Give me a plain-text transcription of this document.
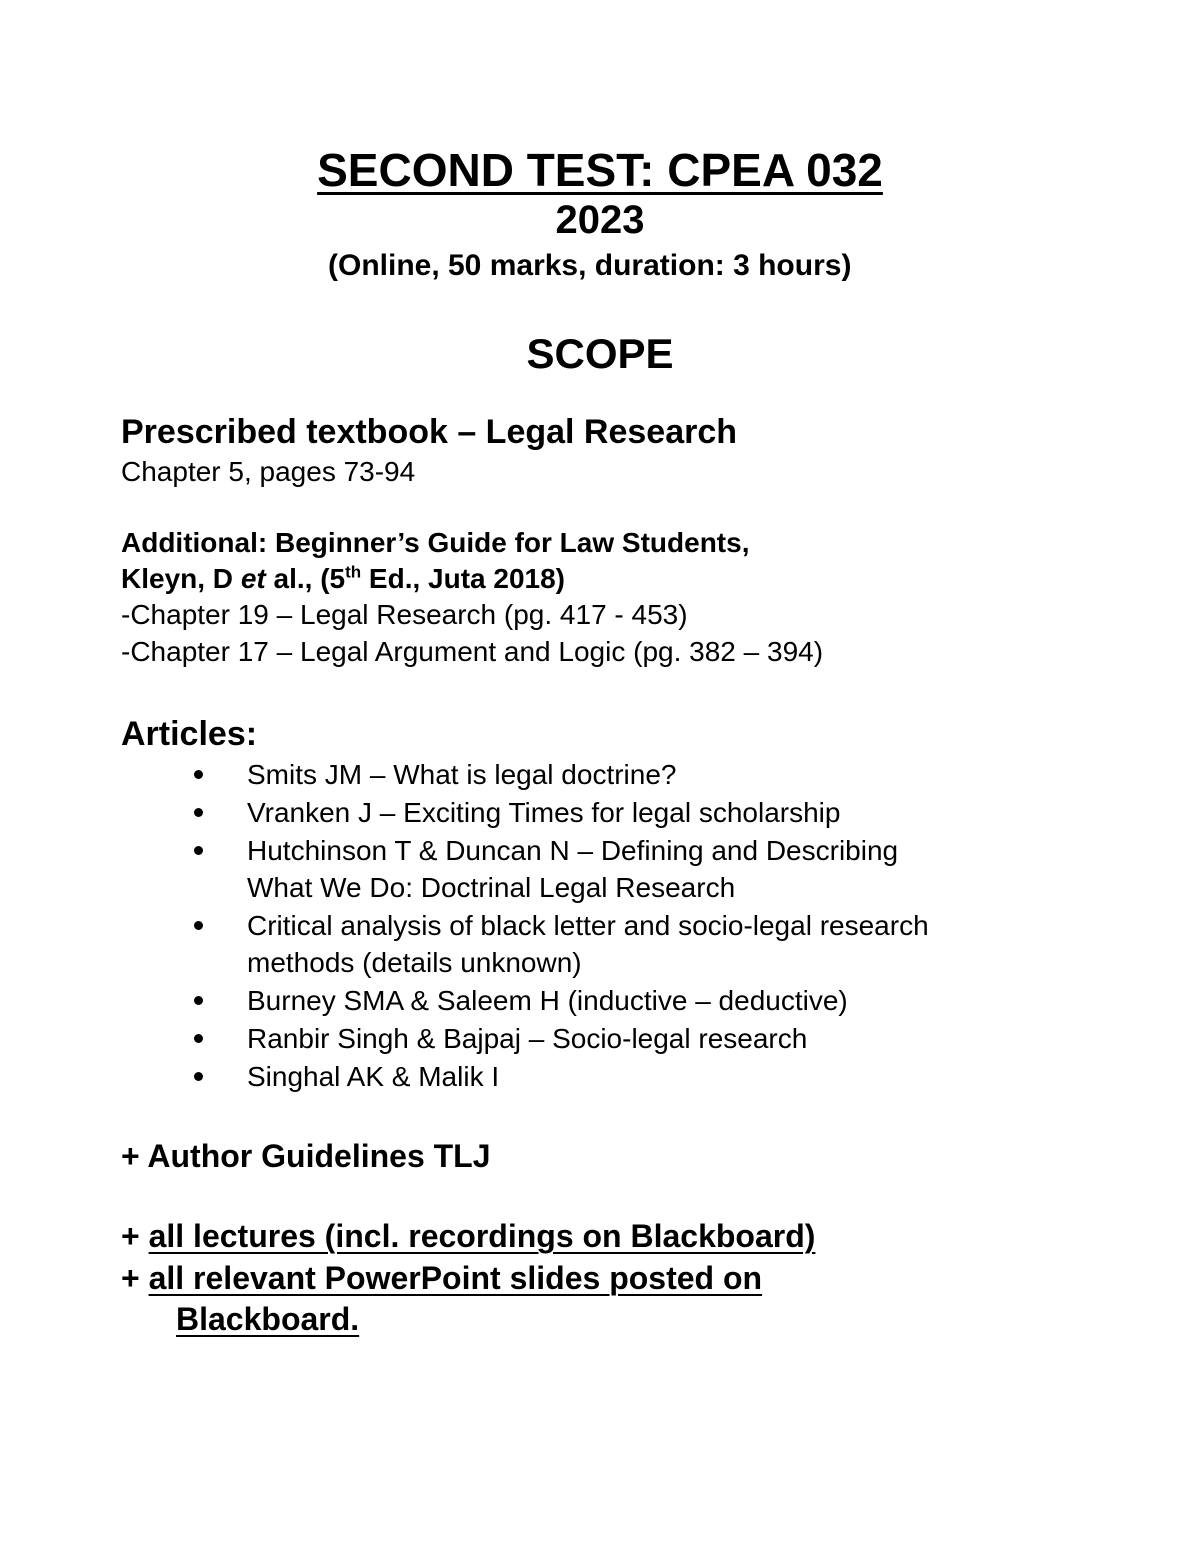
SECOND TEST: CPEA 032
2023
(Online, 50 marks, duration: 3 hours)
SCOPE
Prescribed textbook – Legal Research
Chapter 5, pages 73-94
Additional: Beginner’s Guide for Law Students,
Kleyn, D et al., (5th Ed., Juta 2018)
-Chapter 19 – Legal Research (pg. 417 - 453)
-Chapter 17 – Legal Argument and Logic (pg. 382 – 394)
Articles:
Smits JM – What is legal doctrine?
Vranken J – Exciting Times for legal scholarship
Hutchinson T & Duncan N – Defining and Describing
What We Do: Doctrinal Legal Research
Critical analysis of black letter and socio-legal research
methods (details unknown)
Burney SMA & Saleem H (inductive – deductive)
Ranbir Singh & Bajpaj – Socio-legal research
Singhal AK & Malik I
+ Author Guidelines TLJ
+ all lectures (incl. recordings on Blackboard)
+ all relevant PowerPoint slides posted on
Blackboard.
